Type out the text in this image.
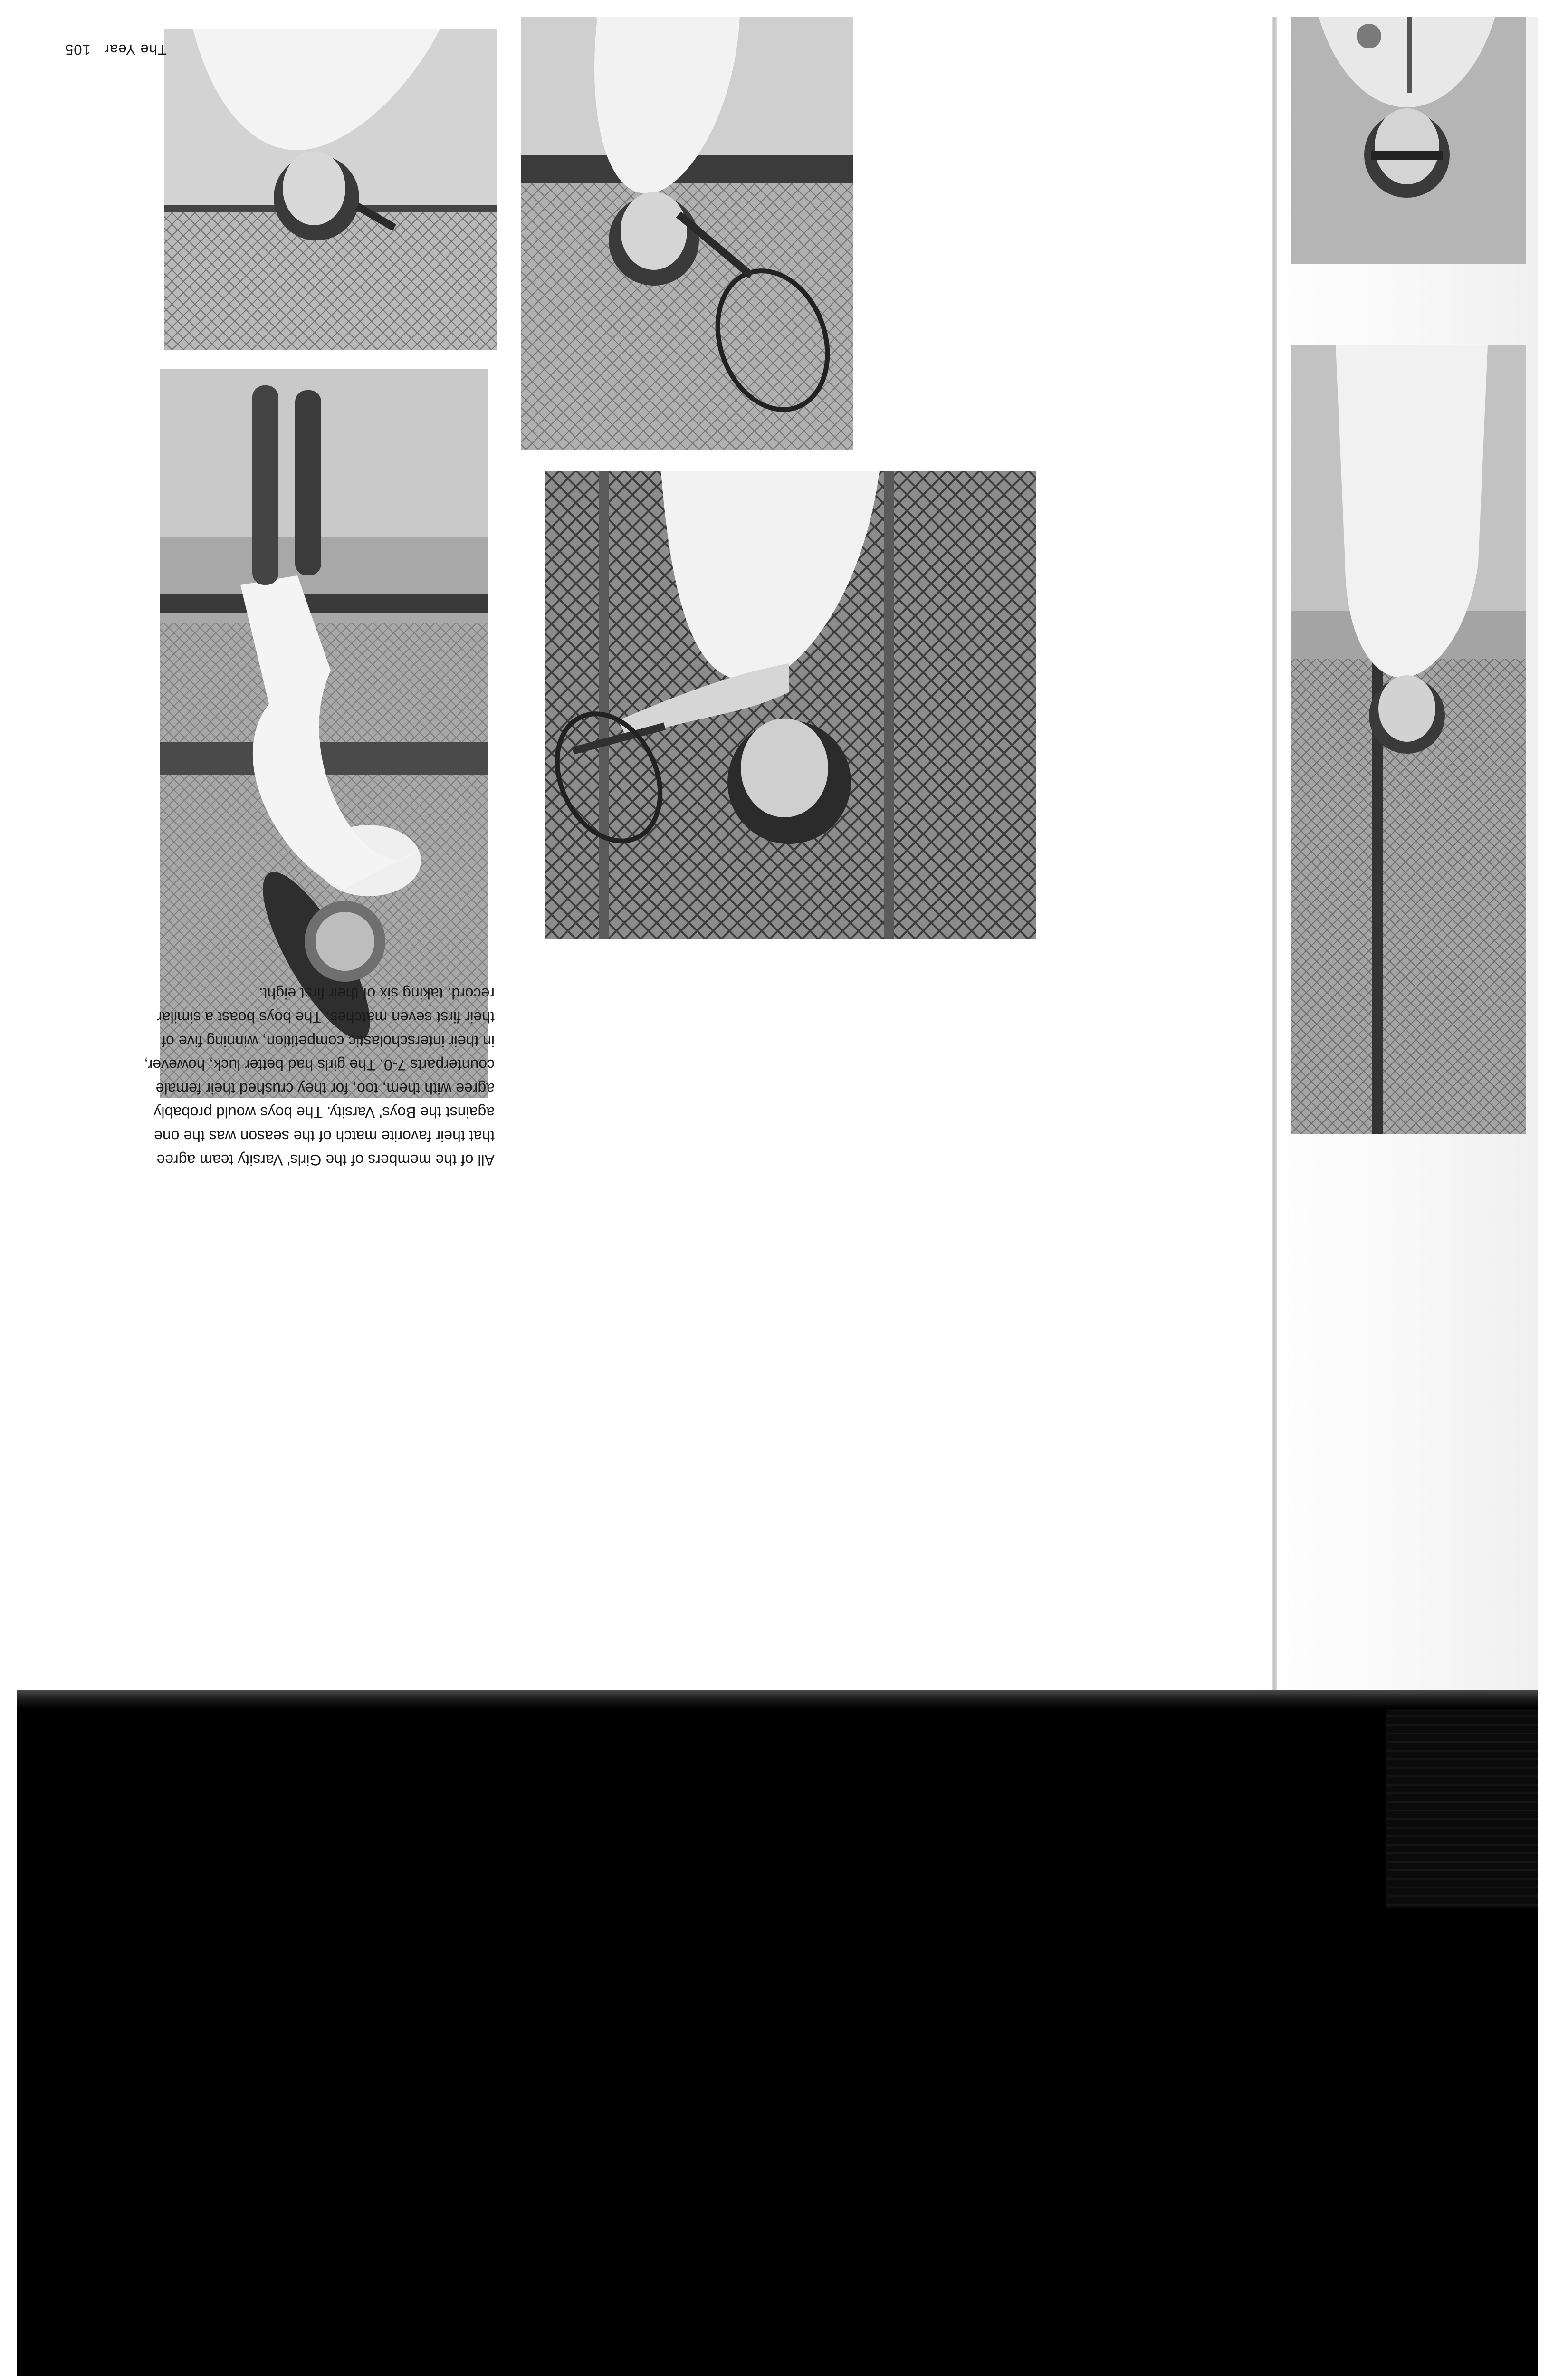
All of the members of the Girls' Varsity team agree that their favorite match of the season was the one against the Boys' Varsity. The boys would probably agree with them, too, for they crushed their female counterparts 7-0. The girls had better luck, however, in their interscholastic competition, winning five of their first seven matches. The boys boast a similar record, taking six of their first eight.

The Year105
